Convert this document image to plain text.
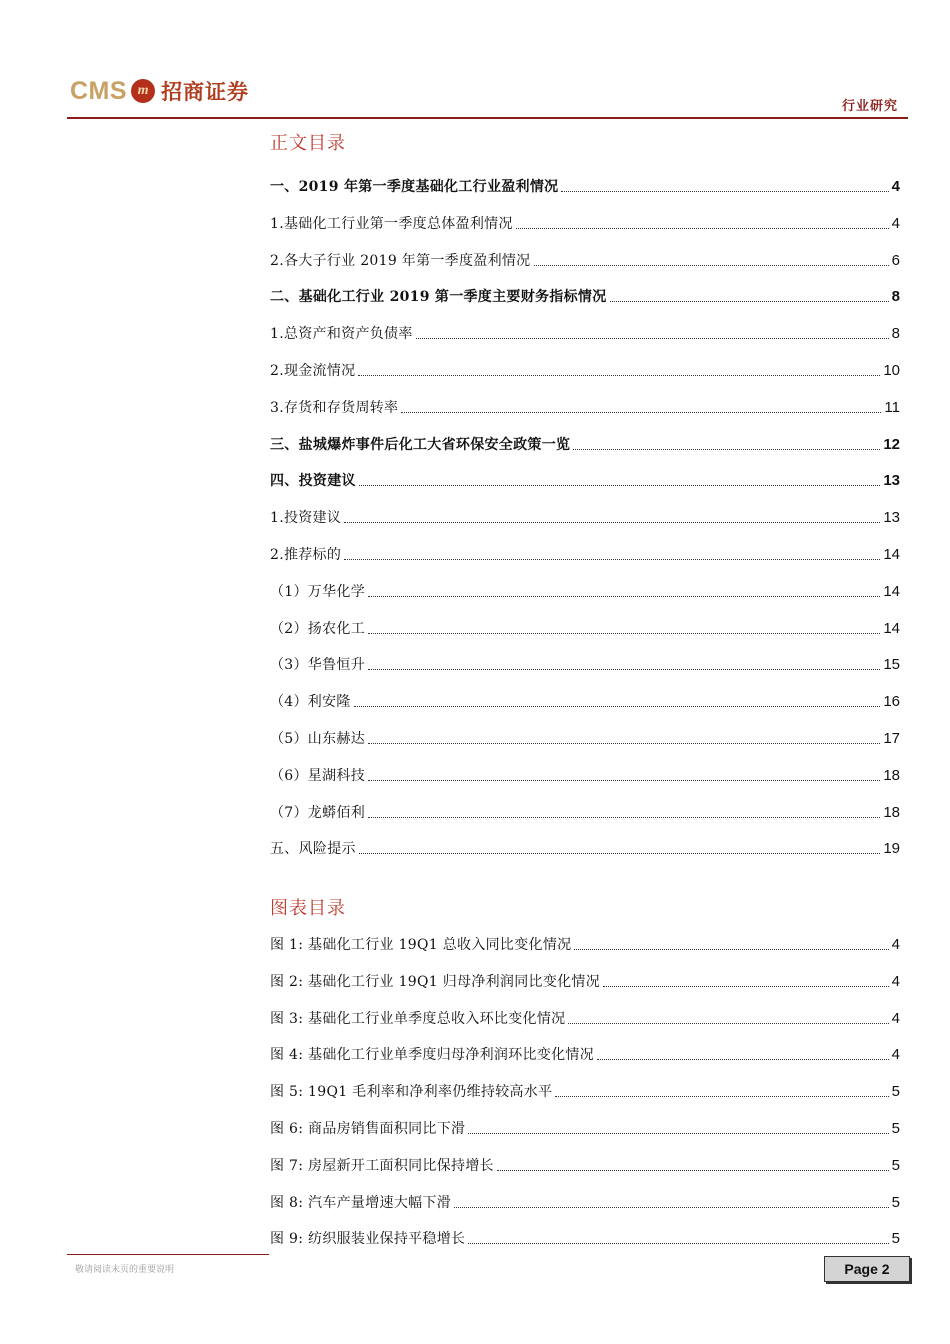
CMS m 招商证券
行业研究
正文目录
一、2019 年第一季度基础化工行业盈利情况	4
1.基础化工行业第一季度总体盈利情况	4
2.各大子行业 2019 年第一季度盈利情况	6
二、基础化工行业 2019 第一季度主要财务指标情况	8
1.总资产和资产负债率	8
2.现金流情况	10
3.存货和存货周转率	11
三、盐城爆炸事件后化工大省环保安全政策一览	12
四、投资建议	13
1.投资建议	13
2.推荐标的	14
（1）万华化学	14
（2）扬农化工	14
（3）华鲁恒升	15
（4）利安隆	16
（5）山东赫达	17
（6）星湖科技	18
（7）龙蟒佰利	18
五、风险提示	19
图表目录
图 1: 基础化工行业 19Q1 总收入同比变化情况	4
图 2: 基础化工行业 19Q1 归母净利润同比变化情况	4
图 3: 基础化工行业单季度总收入环比变化情况	4
图 4: 基础化工行业单季度归母净利润环比变化情况	4
图 5: 19Q1 毛利率和净利率仍维持较高水平	5
图 6: 商品房销售面积同比下滑	5
图 7: 房屋新开工面积同比保持增长	5
图 8: 汽车产量增速大幅下滑	5
图 9: 纺织服装业保持平稳增长	5
敬请阅读末页的重要说明	Page 2
